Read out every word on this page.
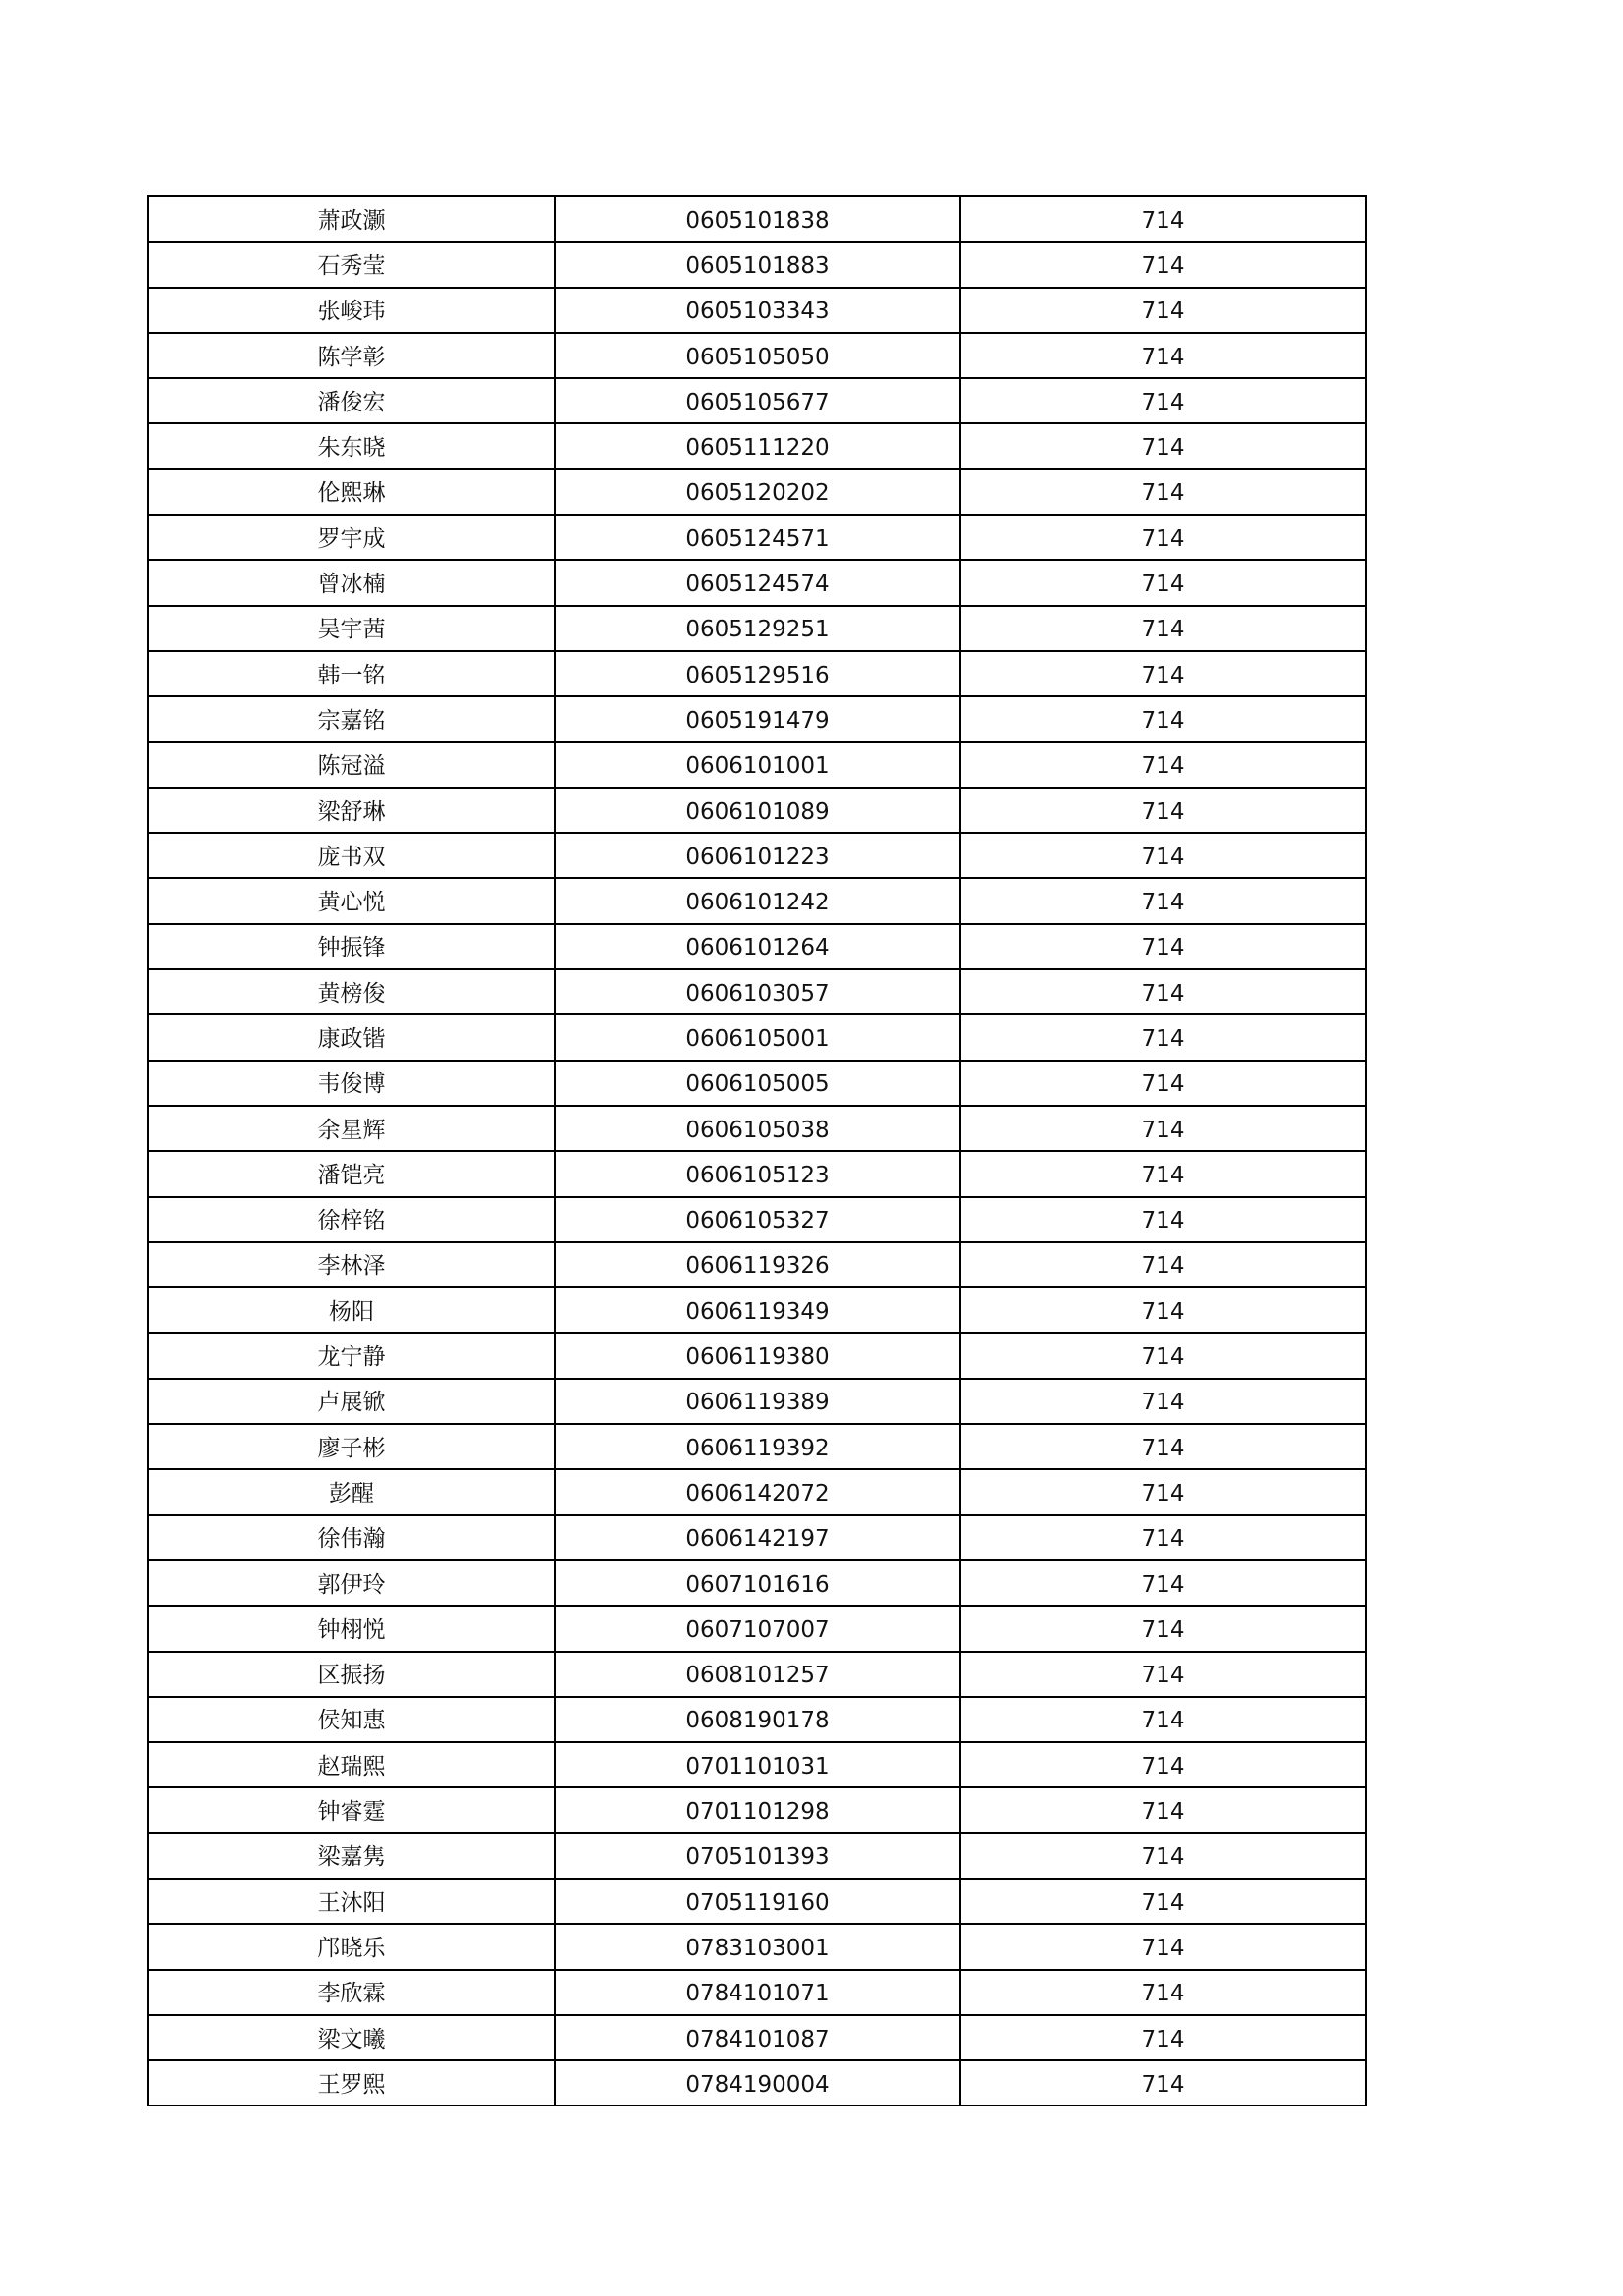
萧政灏	0605101838	714
石秀莹	0605101883	714
张峻玮	0605103343	714
陈学彰	0605105050	714
潘俊宏	0605105677	714
朱东晓	0605111220	714
伦熙琳	0605120202	714
罗宇成	0605124571	714
曾冰楠	0605124574	714
吴宇茜	0605129251	714
韩一铭	0605129516	714
宗嘉铭	0605191479	714
陈冠溢	0606101001	714
梁舒琳	0606101089	714
庞书双	0606101223	714
黄心悦	0606101242	714
钟振锋	0606101264	714
黄榜俊	0606103057	714
康政锴	0606105001	714
韦俊博	0606105005	714
余星辉	0606105038	714
潘铠亮	0606105123	714
徐梓铭	0606105327	714
李林泽	0606119326	714
杨阳	0606119349	714
龙宁静	0606119380	714
卢展锨	0606119389	714
廖子彬	0606119392	714
彭醒	0606142072	714
徐伟瀚	0606142197	714
郭伊玲	0607101616	714
钟栩悦	0607107007	714
区振扬	0608101257	714
侯知惠	0608190178	714
赵瑞熙	0701101031	714
钟睿霆	0701101298	714
梁嘉隽	0705101393	714
王沐阳	0705119160	714
邝晓乐	0783103001	714
李欣霖	0784101071	714
梁文曦	0784101087	714
王罗熙	0784190004	714
